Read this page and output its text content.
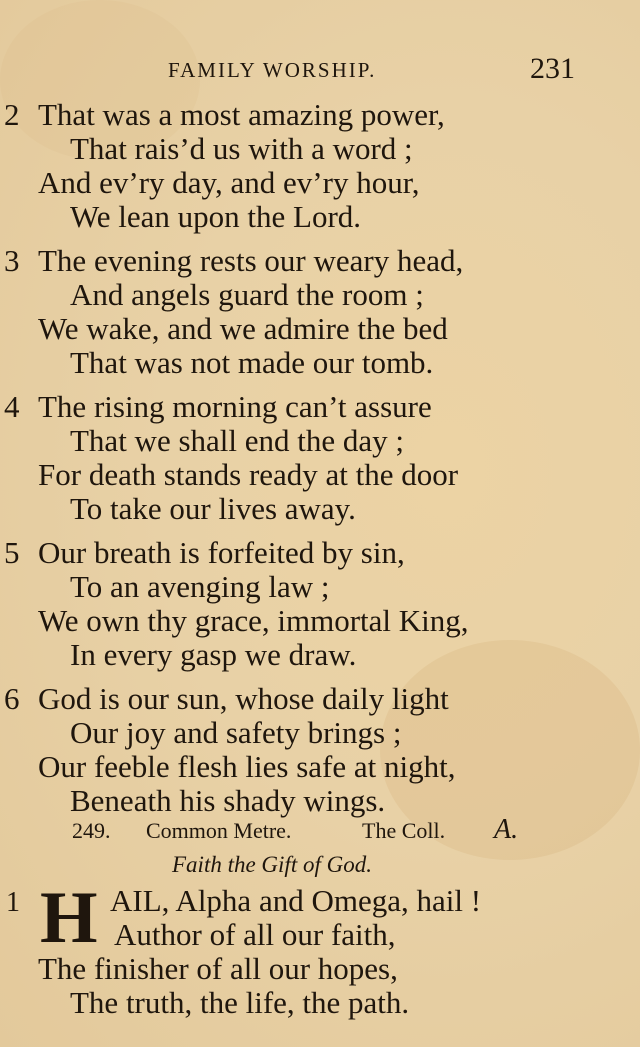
FAMILY WORSHIP.	231
2 That was a most amazing power,
That rais’d us with a word ;
And ev’ry day, and ev’ry hour,
We lean upon the Lord.
3 The evening rests our weary head,
And angels guard the room ;
We wake, and we admire the bed
That was not made our tomb.
4 The rising morning can’t assure
That we shall end the day ;
For death stands ready at the door
To take our lives away.
5 Our breath is forfeited by sin,
To an avenging law ;
We own thy grace, immortal King,
In every gasp we draw.
6 God is our sun, whose daily light
Our joy and safety brings ;
Our feeble flesh lies safe at night,
Beneath his shady wings.
249. Common Metre.	The Coll. A.
Faith the Gift of God.
1 H AIL, Alpha and Omega, hail !
Author of all our faith,
The finisher of all our hopes,
The truth, the life, the path.
